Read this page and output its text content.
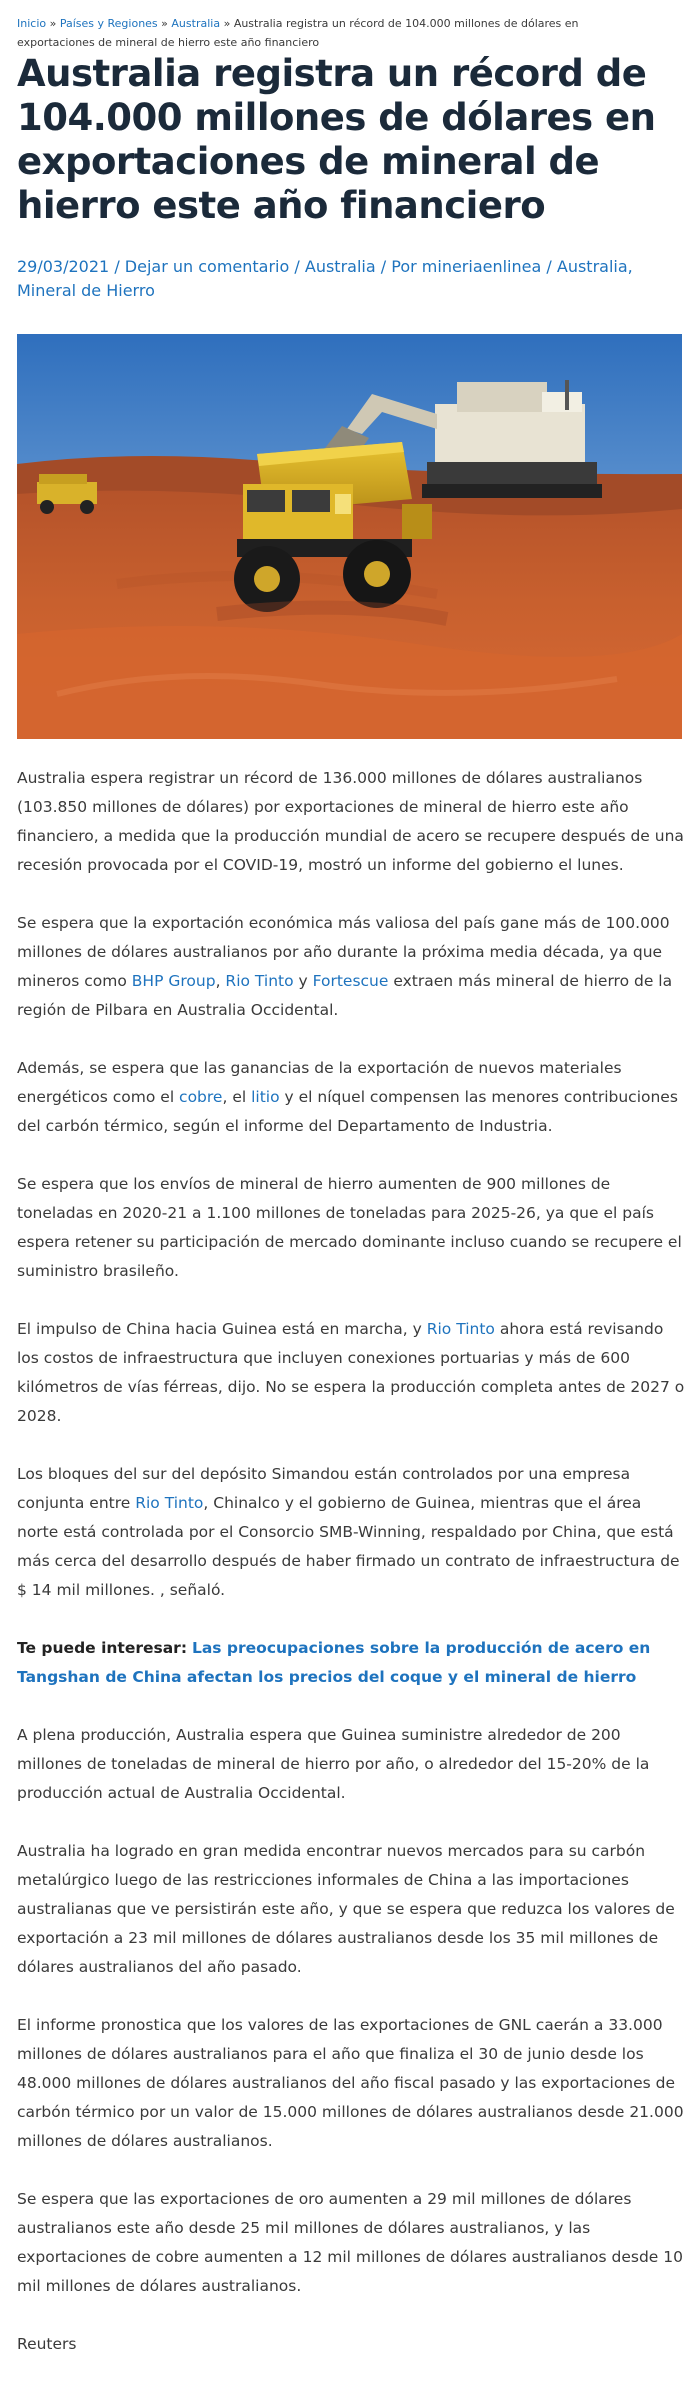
Inicio » Países y Regiones » Australia » Australia registra un récord de 104.000 millones de dólares en exportaciones de mineral de hierro este año financiero
Australia registra un récord de 104.000 millones de dólares en exportaciones de mineral de hierro este año financiero
29/03/2021 / Dejar un comentario / Australia / Por mineriaenlinea / Australia, Mineral de Hierro

Australia espera registrar un récord de 136.000 millones de dólares australianos (103.850 millones de dólares) por exportaciones de mineral de hierro este año financiero, a medida que la producción mundial de acero se recupere después de una recesión provocada por el COVID-19, mostró un informe del gobierno el lunes.

Se espera que la exportación económica más valiosa del país gane más de 100.000 millones de dólares australianos por año durante la próxima media década, ya que mineros como BHP Group, Rio Tinto y Fortescue extraen más mineral de hierro de la región de Pilbara en Australia Occidental.

Además, se espera que las ganancias de la exportación de nuevos materiales energéticos como el cobre, el litio y el níquel compensen las menores contribuciones del carbón térmico, según el informe del Departamento de Industria.

Se espera que los envíos de mineral de hierro aumenten de 900 millones de toneladas en 2020-21 a 1.100 millones de toneladas para 2025-26, ya que el país espera retener su participación de mercado dominante incluso cuando se recupere el suministro brasileño.

El impulso de China hacia Guinea está en marcha, y Rio Tinto ahora está revisando los costos de infraestructura que incluyen conexiones portuarias y más de 600 kilómetros de vías férreas, dijo. No se espera la producción completa antes de 2027 o 2028.

Los bloques del sur del depósito Simandou están controlados por una empresa conjunta entre Rio Tinto, Chinalco y el gobierno de Guinea, mientras que el área norte está controlada por el Consorcio SMB-Winning, respaldado por China, que está más cerca del desarrollo después de haber firmado un contrato de infraestructura de $ 14 mil millones. , señaló.

Te puede interesar: Las preocupaciones sobre la producción de acero en Tangshan de China afectan los precios del coque y el mineral de hierro

A plena producción, Australia espera que Guinea suministre alrededor de 200 millones de toneladas de mineral de hierro por año, o alrededor del 15-20% de la producción actual de Australia Occidental.

Australia ha logrado en gran medida encontrar nuevos mercados para su carbón metalúrgico luego de las restricciones informales de China a las importaciones australianas que ve persistirán este año, y que se espera que reduzca los valores de exportación a 23 mil millones de dólares australianos desde los 35 mil millones de dólares australianos del año pasado.

El informe pronostica que los valores de las exportaciones de GNL caerán a 33.000 millones de dólares australianos para el año que finaliza el 30 de junio desde los 48.000 millones de dólares australianos del año fiscal pasado y las exportaciones de carbón térmico por un valor de 15.000 millones de dólares australianos desde 21.000 millones de dólares australianos.

Se espera que las exportaciones de oro aumenten a 29 mil millones de dólares australianos este año desde 25 mil millones de dólares australianos, y las exportaciones de cobre aumenten a 12 mil millones de dólares australianos desde 10 mil millones de dólares australianos.

Reuters
